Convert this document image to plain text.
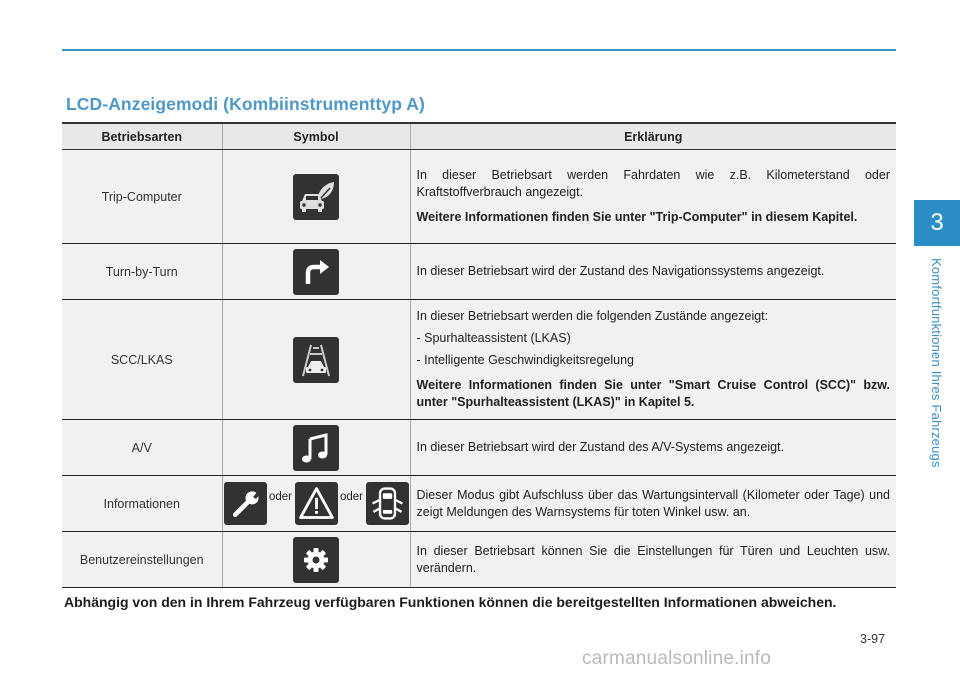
LCD-Anzeigemodi (Kombiinstrumenttyp A)
3
Komfortfunktionen Ihres Fahrzeugs
Betriebsarten	Symbol	Erklärung
Trip-Computer		In dieser Betriebsart werden Fahrdaten wie z.B. Kilometerstand oder Kraftstoffverbrauch angezeigt.

Weitere Informationen finden Sie unter "Trip-Computer" in diesem Kapitel.

Turn-by-Turn		In dieser Betriebsart wird der Zustand des Navigationssystems angezeigt.

SCC/LKAS		In dieser Betriebsart werden die folgenden Zustände angezeigt:

- Spurhalteassistent (LKAS)

- Intelligente Geschwindigkeitsregelung

Weitere Informationen finden Sie unter "Smart Cruise Control (SCC)" bzw. unter "Spurhalteassistent (LKAS)" in Kapitel 5.

A/V		In dieser Betriebsart wird der Zustand des A/V-Systems angezeigt.

Informationen	oder oder	Dieser Modus gibt Aufschluss über das Wartungsintervall (Kilometer oder Tage) und zeigt Meldungen des Warnsystems für toten Winkel usw. an.

Benutzereinstellungen		In dieser Betriebsart können Sie die Einstellungen für Türen und Leuchten usw. verändern.

Abhängig von den in Ihrem Fahrzeug verfügbaren Funktionen können die bereitgestellten Informationen abweichen.

3-97
carmanualsonline.info
